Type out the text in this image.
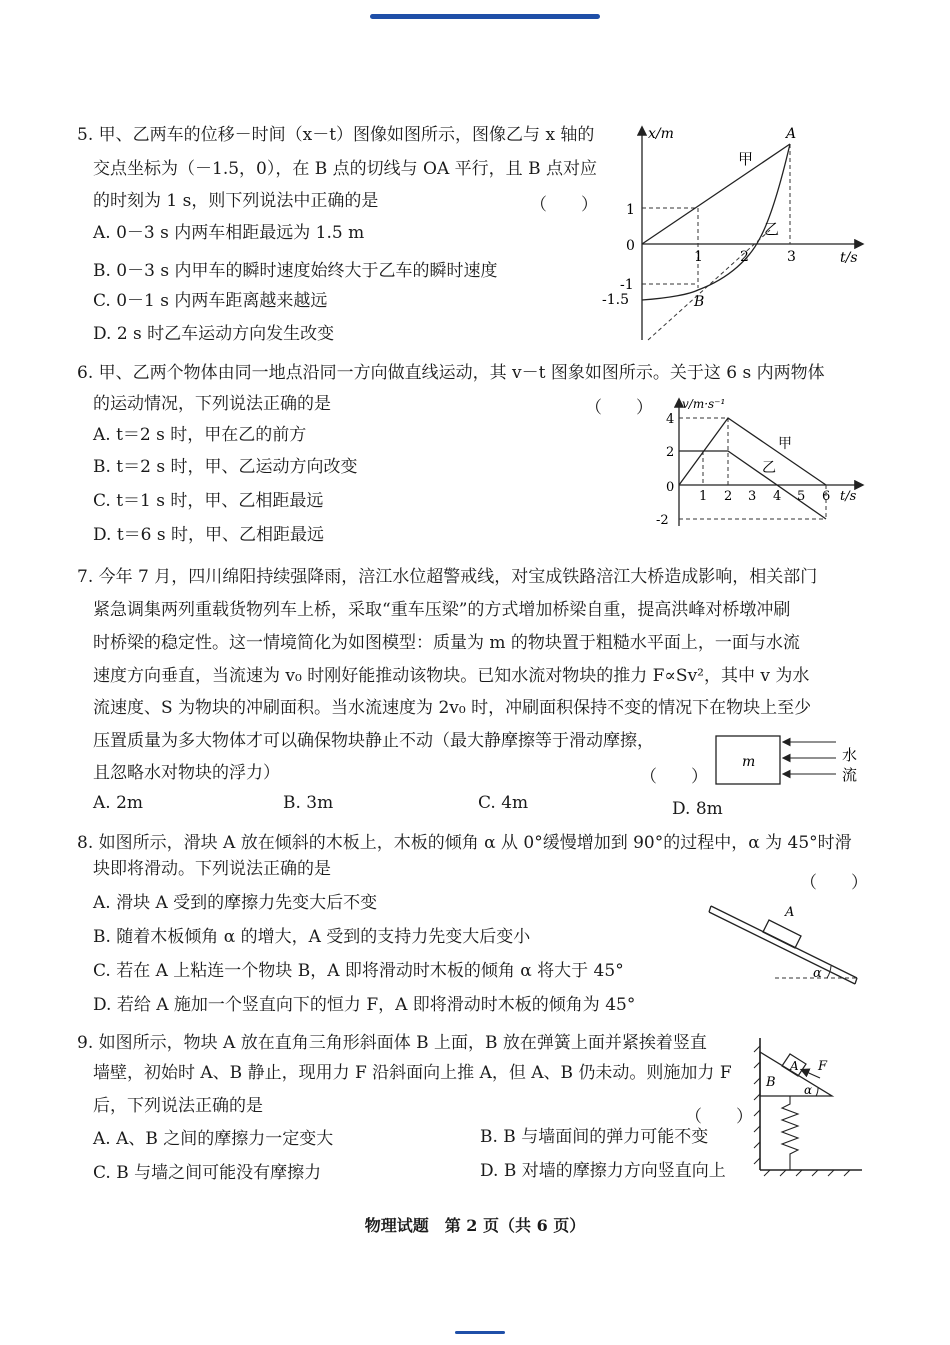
5. 甲、乙两车的位移－时间（x－t）图像如图所示，图像乙与 x 轴的
交点坐标为（－1.5，0），在 B 点的切线与 OA 平行，且 B 点对应
的时刻为 1 s，则下列说法中正确的是	（　　）
A. 0－3 s 内两车相距最远为 1.5 m
B. 0－3 s 内甲车的瞬时速度始终大于乙车的瞬时速度
C. 0－1 s 内两车距离越来越远
D. 2 s 时乙车运动方向发生改变
x/m
t/s
0
1	2	3
1
-1
-1.5
甲
乙
A
B
6. 甲、乙两个物体由同一地点沿同一方向做直线运动，其 v－t 图象如图所示。关于这 6 s 内两物体
的运动情况，下列说法正确的是	（　　）
A. t＝2 s 时，甲在乙的前方
B. t＝2 s 时，甲、乙运动方向改变
C. t＝1 s 时，甲、乙相距最远
D. t＝6 s 时，甲、乙相距最远
v/m·s⁻¹
t/s
0
1 2 3 4 5 6
4
2
-2
甲
乙
7. 今年 7 月，四川绵阳持续强降雨，涪江水位超警戒线，对宝成铁路涪江大桥造成影响，相关部门
紧急调集两列重载货物列车上桥，采取“重车压梁”的方式增加桥梁自重，提高洪峰对桥墩冲刷
时桥梁的稳定性。这一情境简化为如图模型：质量为 m 的物块置于粗糙水平面上，一面与水流
速度方向垂直，当流速为 v₀ 时刚好能推动该物块。已知水流对物块的推力 F∝Sv²，其中 v 为水
流速度、S 为物块的冲刷面积。当水流速度为 2v₀ 时，冲刷面积保持不变的情况下在物块上至少
压置质量为多大物体才可以确保物块静止不动（最大静摩擦等于滑动摩擦，
且忽略水对物块的浮力）	（　　）
m	水
流
A. 2m	B. 3m	C. 4m	D. 8m
8. 如图所示，滑块 A 放在倾斜的木板上，木板的倾角 α 从 0°缓慢增加到 90°的过程中，α 为 45°时滑
块即将滑动。下列说法正确的是
（　　）
A. 滑块 A 受到的摩擦力先变大后不变
B. 随着木板倾角 α 的增大，A 受到的支持力先变大后变小
C. 若在 A 上粘连一个物块 B，A 即将滑动时木板的倾角 α 将大于 45°
D. 若给 A 施加一个竖直向下的恒力 F，A 即将滑动时木板的倾角为 45°
A
α
9. 如图所示，物块 A 放在直角三角形斜面体 B 上面，B 放在弹簧上面并紧挨着竖直
墙壁，初始时 A、B 静止，现用力 F 沿斜面向上推 A，但 A、B 仍未动。则施加力 F
后，下列说法正确的是
（　　）
A. A、B 之间的摩擦力一定变大	B. B 与墙面间的弹力可能不变
C. B 与墙之间可能没有摩擦力	D. B 对墙的摩擦力方向竖直向上
B
A F
α
物理试题　第 2 页（共 6 页）
